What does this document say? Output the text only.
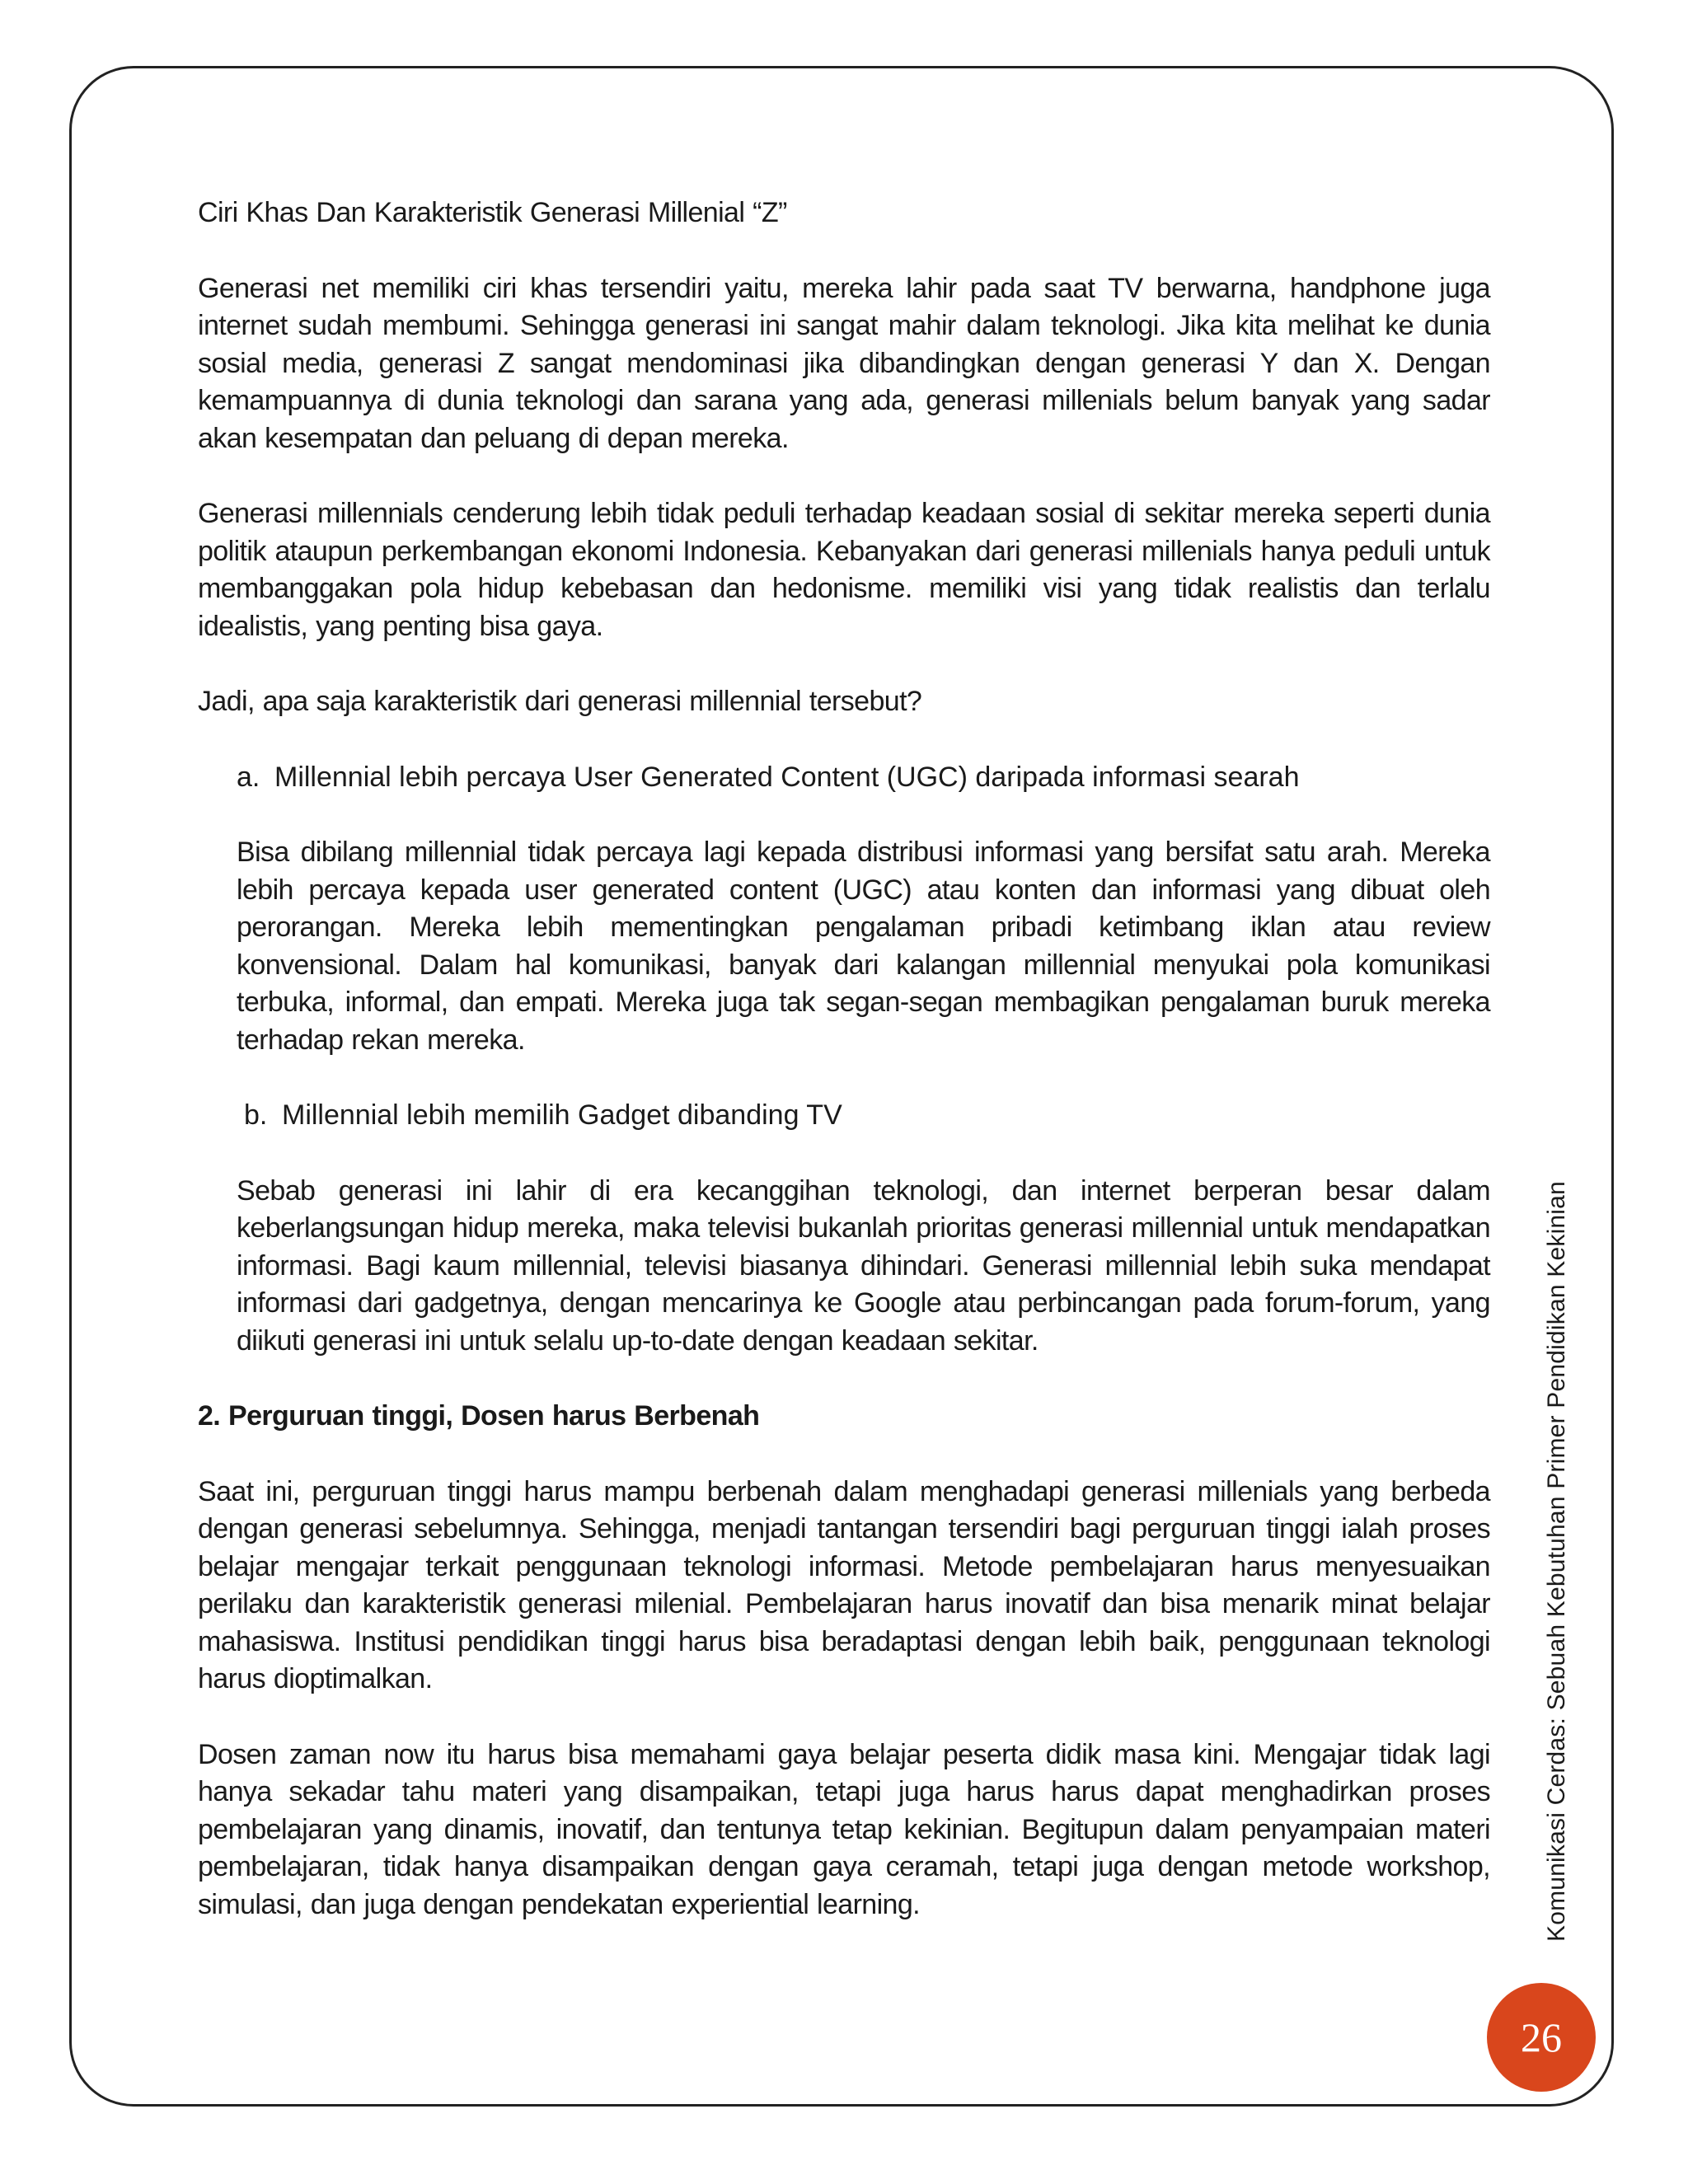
Ciri Khas Dan Karakteristik Generasi Millenial “Z”

Generasi net memiliki ciri khas tersendiri yaitu, mereka lahir pada saat TV berwarna, handphone juga internet sudah membumi. Sehingga generasi ini sangat mahir dalam teknologi. Jika kita melihat ke dunia sosial media, generasi Z sangat mendominasi jika dibandingkan dengan generasi Y dan X. Dengan kemampuannya di dunia teknologi dan sarana yang ada, generasi millenials belum banyak yang sadar akan kesempatan dan peluang di depan mereka.

Generasi millennials cenderung lebih tidak peduli terhadap keadaan sosial di sekitar mereka seperti dunia politik ataupun perkembangan ekonomi Indonesia. Kebanyakan dari generasi millenials hanya peduli untuk membanggakan pola hidup kebebasan dan hedonisme. memiliki visi yang tidak realistis dan terlalu idealistis, yang penting bisa gaya.

Jadi, apa saja karakteristik dari generasi millennial tersebut?

a. Millennial lebih percaya User Generated Content (UGC) daripada informasi searah

Bisa dibilang millennial tidak percaya lagi kepada distribusi informasi yang bersifat satu arah. Mereka lebih percaya kepada user generated content (UGC) atau konten dan informasi yang dibuat oleh perorangan. Mereka lebih mementingkan pengalaman pribadi ketimbang iklan atau review konvensional. Dalam hal komunikasi, banyak dari kalangan millennial menyukai pola komunikasi terbuka, informal, dan empati. Mereka juga tak segan-segan membagikan pengalaman buruk mereka terhadap rekan mereka.

b. Millennial lebih memilih Gadget dibanding TV

Sebab generasi ini lahir di era kecanggihan teknologi, dan internet berperan besar dalam keberlangsungan hidup mereka, maka televisi bukanlah prioritas generasi millennial untuk mendapatkan informasi. Bagi kaum millennial, televisi biasanya dihindari. Generasi millennial lebih suka mendapat informasi dari gadgetnya, dengan mencarinya ke Google atau perbincangan pada forum-forum, yang diikuti generasi ini untuk selalu up-to-date dengan keadaan sekitar.

2. Perguruan tinggi, Dosen harus Berbenah

Saat ini, perguruan tinggi harus mampu berbenah dalam menghadapi generasi millenials yang berbeda dengan generasi sebelumnya. Sehingga, menjadi tantangan tersendiri bagi perguruan tinggi ialah proses belajar mengajar terkait penggunaan teknologi informasi. Metode pembelajaran harus menyesuaikan perilaku dan karakteristik generasi milenial. Pembelajaran harus inovatif dan bisa menarik minat belajar mahasiswa. Institusi pendidikan tinggi harus bisa beradaptasi dengan lebih baik, penggunaan teknologi harus dioptimalkan.

Dosen zaman now itu harus bisa memahami gaya belajar peserta didik masa kini. Mengajar tidak lagi hanya sekadar tahu materi yang disampaikan, tetapi juga harus harus dapat menghadirkan proses pembelajaran yang dinamis, inovatif, dan tentunya tetap kekinian. Begitupun dalam penyampaian materi pembelajaran, tidak hanya disampaikan dengan gaya ceramah, tetapi juga dengan metode workshop, simulasi, dan juga dengan pendekatan experiential learning.	Komunikasi Cerdas: Sebuah Kebutuhan Primer Pendidikan Kekinian
26
